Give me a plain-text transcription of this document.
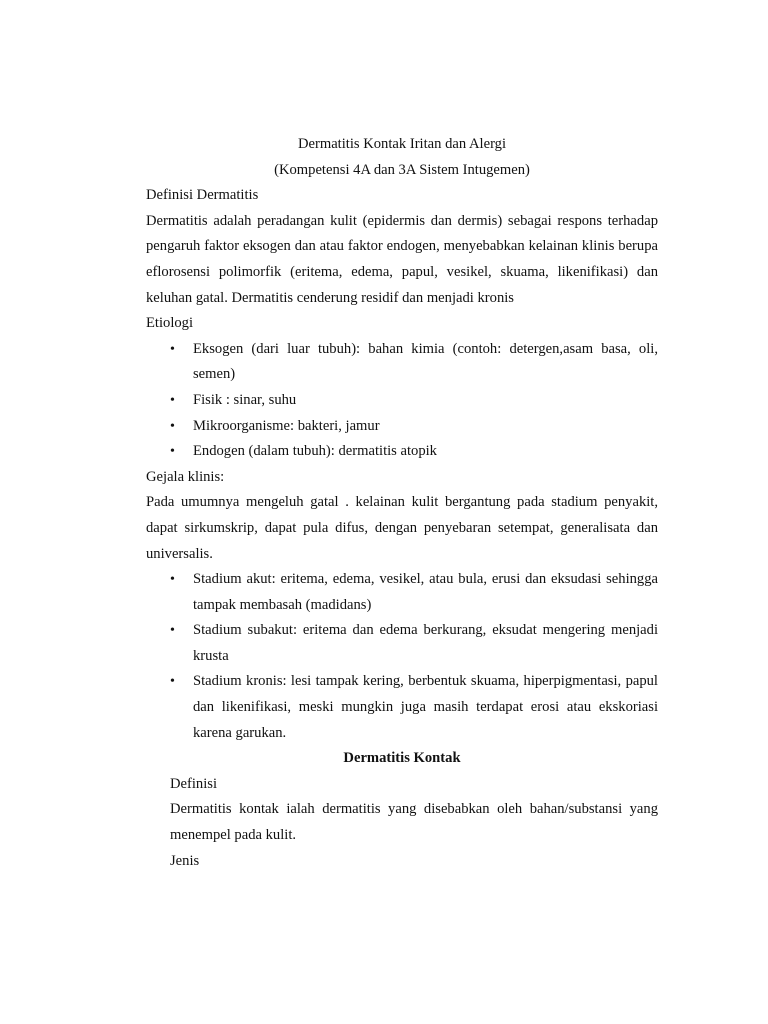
Dermatitis Kontak Iritan dan Alergi
(Kompetensi 4A dan 3A Sistem Intugemen)
Definisi Dermatitis
Dermatitis adalah peradangan kulit (epidermis dan dermis) sebagai respons terhadap pengaruh faktor eksogen dan atau faktor endogen, menyebabkan kelainan klinis berupa eflorosensi polimorfik (eritema, edema, papul, vesikel, skuama, likenifikasi) dan keluhan gatal. Dermatitis cenderung residif dan menjadi kronis
Etiologi
• Eksogen (dari luar tubuh): bahan kimia (contoh: detergen,asam basa, oli, semen)
• Fisik : sinar, suhu
• Mikroorganisme: bakteri, jamur
• Endogen (dalam tubuh): dermatitis atopik
Gejala klinis:
Pada umumnya mengeluh gatal . kelainan kulit bergantung pada stadium penyakit, dapat sirkumskrip, dapat pula difus, dengan penyebaran setempat, generalisata dan universalis.
• Stadium akut: eritema, edema, vesikel, atau bula, erusi dan eksudasi sehingga tampak membasah (madidans)
• Stadium subakut: eritema dan edema berkurang, eksudat mengering menjadi krusta
• Stadium kronis: lesi tampak kering, berbentuk skuama, hiperpigmentasi, papul dan likenifikasi, meski mungkin juga masih terdapat erosi atau ekskoriasi karena garukan.
Dermatitis Kontak
Definisi
Dermatitis kontak ialah dermatitis yang disebabkan oleh bahan/substansi yang menempel pada kulit.
Jenis
